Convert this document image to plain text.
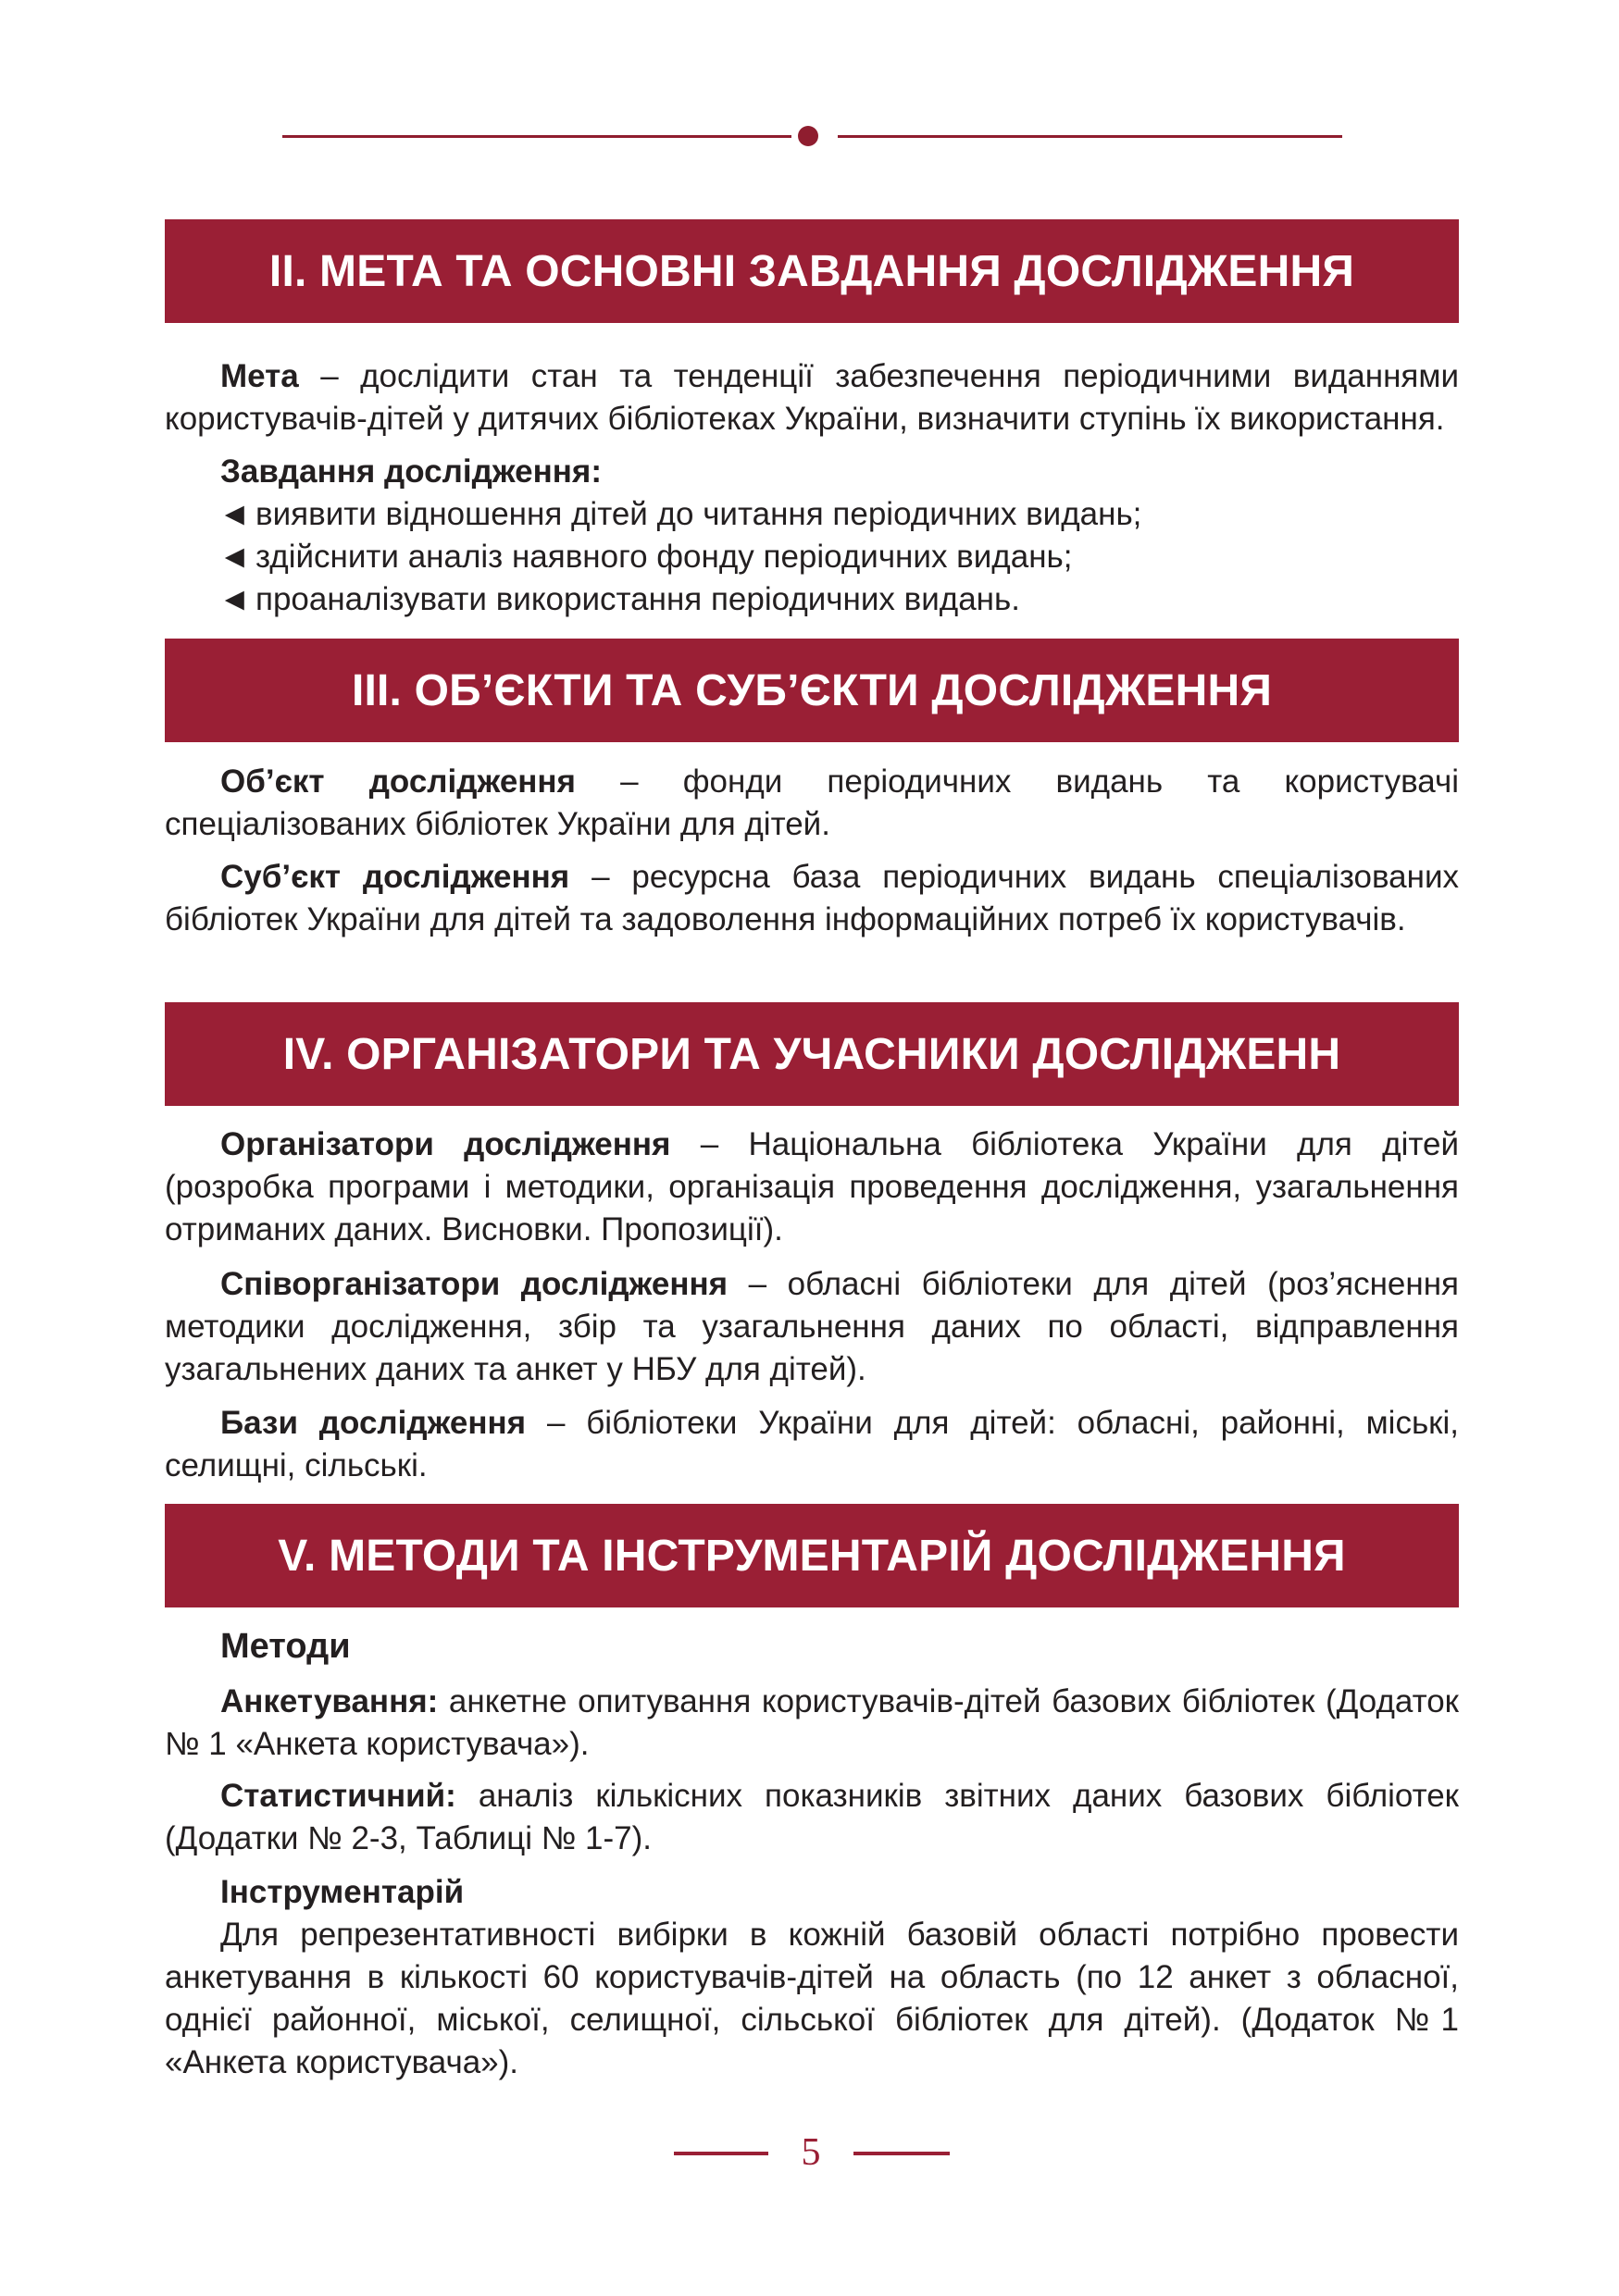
II. МЕТА ТА ОСНОВНІ ЗАВДАННЯ ДОСЛІДЖЕННЯ

Мета – дослідити стан та тенденції забезпечення періодичними виданнями користувачів-дітей у дитячих бібліотеках України, визначити ступінь їх використання.

Завдання дослідження:

◄ виявити відношення дітей до читання періодичних видань;

◄ здійснити аналіз наявного фонду періодичних видань;

◄ проаналізувати використання періодичних видань.

III. ОБ’ЄКТИ ТА СУБ’ЄКТИ ДОСЛІДЖЕННЯ

Об’єкт дослідження – фонди періодичних видань та користувачі спеціалізованих бібліотек України для дітей.

Суб’єкт дослідження – ресурсна база періодичних видань спеціалізованих бібліотек України для дітей та задоволення інформаційних потреб їх користувачів.

IV. ОРГАНІЗАТОРИ ТА УЧАСНИКИ ДОСЛІДЖЕНН

Організатори дослідження – Національна бібліотека України для дітей (розробка програми і методики, організація проведення дослідження, узагальнення отриманих даних. Висновки. Пропозиції).

Співорганізатори дослідження – обласні бібліотеки для дітей (роз’яснення методики дослідження, збір та узагальнення даних по області, відправлення узагальнених даних та анкет у НБУ для дітей).

Бази дослідження – бібліотеки України для дітей: обласні, районні, міські, селищні, сільські.

V. МЕТОДИ ТА ІНСТРУМЕНТАРІЙ ДОСЛІДЖЕННЯ

Методи

Анкетування: анкетне опитування користувачів-дітей базових бібліотек (Додаток № 1 «Анкета користувача»).

Статистичний: аналіз кількісних показників звітних даних базових бібліотек (Додатки № 2-3, Таблиці № 1-7).

Інструментарій

Для репрезентативності вибірки в кожній базовій області потрібно провести анкетування в кількості 60 користувачів-дітей на область (по 12 анкет з обласної, однієї районної, міської, селищної, сільської бібліотек для дітей). (Додаток №1 «Анкета користувача»).

5
